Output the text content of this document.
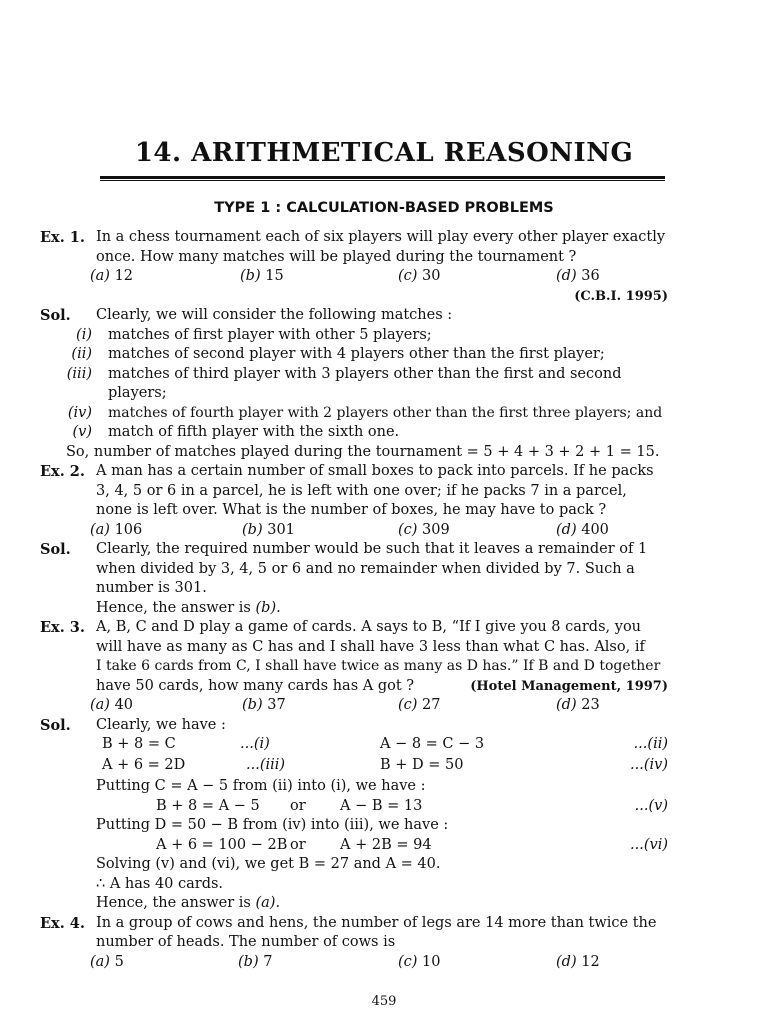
14. ARITHMETICAL REASONING
TYPE 1 : CALCULATION-BASED PROBLEMS
Ex. 1. In a chess tournament each of six players will play every other player exactly
once. How many matches will be played during the tournament ?
(a) 12	(b) 15	(c) 30	(d) 36
(C.B.I. 1995)
Sol. Clearly, we will consider the following matches :
(i) matches of first player with other 5 players;
(ii) matches of second player with 4 players other than the first player;
(iii) matches of third player with 3 players other than the first and second
players;
(iv) matches of fourth player with 2 players other than the first three players; and
(v) match of fifth player with the sixth one.
So, number of matches played during the tournament = 5 + 4 + 3 + 2 + 1 = 15.
Ex. 2. A man has a certain number of small boxes to pack into parcels. If he packs
3, 4, 5 or 6 in a parcel, he is left with one over; if he packs 7 in a parcel,
none is left over. What is the number of boxes, he may have to pack ?
(a) 106	(b) 301	(c) 309	(d) 400
Sol. Clearly, the required number would be such that it leaves a remainder of 1
when divided by 3, 4, 5 or 6 and no remainder when divided by 7. Such a
number is 301.
Hence, the answer is (b).
Ex. 3. A, B, C and D play a game of cards. A says to B, “If I give you 8 cards, you
will have as many as C has and I shall have 3 less than what C has. Also, if
I take 6 cards from C, I shall have twice as many as D has.” If B and D together
have 50 cards, how many cards has A got ?	(Hotel Management, 1997)
(a) 40	(b) 37	(c) 27	(d) 23
Sol. Clearly, we have :
B + 8 = C	...(i)	A − 8 = C − 3	...(ii)
A + 6 = 2D	...(iii)	B + D = 50	...(iv)
Putting C = A − 5 from (ii) into (i), we have :
B + 8 = A − 5 or A − B = 13	...(v)
Putting D = 50 − B from (iv) into (iii), we have :
A + 6 = 100 − 2B or A + 2B = 94	...(vi)
Solving (v) and (vi), we get B = 27 and A = 40.
∴ A has 40 cards.
Hence, the answer is (a).
Ex. 4. In a group of cows and hens, the number of legs are 14 more than twice the
number of heads. The number of cows is
(a) 5	(b) 7	(c) 10	(d) 12
459
